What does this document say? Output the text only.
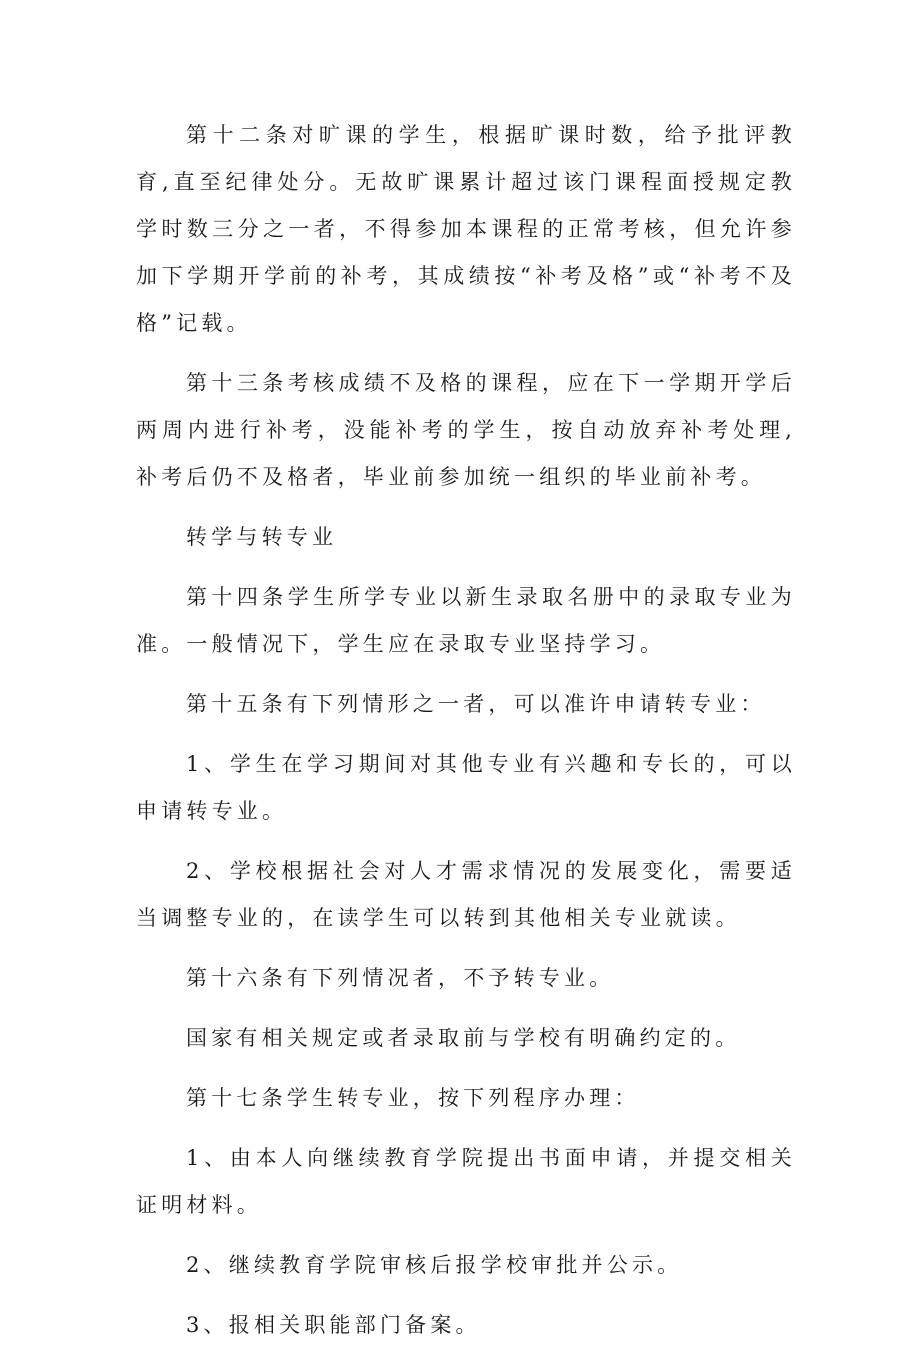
第十二条对旷课的学生，根据旷课时数，给予批评教育,直至纪律处分。无故旷课累计超过该门课程面授规定教学时数三分之一者，不得参加本课程的正常考核，但允许参加下学期开学前的补考，其成绩按“补考及格”或“补考不及格”记载。

第十三条考核成绩不及格的课程，应在下一学期开学后两周内进行补考，没能补考的学生，按自动放弃补考处理,补考后仍不及格者，毕业前参加统一组织的毕业前补考。

转学与转专业

第十四条学生所学专业以新生录取名册中的录取专业为准。一般情况下，学生应在录取专业坚持学习。

第十五条有下列情形之一者，可以准许申请转专业：

1、学生在学习期间对其他专业有兴趣和专长的，可以申请转专业。

2、学校根据社会对人才需求情况的发展变化，需要适当调整专业的，在读学生可以转到其他相关专业就读。

第十六条有下列情况者，不予转专业。

国家有相关规定或者录取前与学校有明确约定的。

第十七条学生转专业，按下列程序办理：

1、由本人向继续教育学院提出书面申请，并提交相关证明材料。

2、继续教育学院审核后报学校审批并公示。

3、报相关职能部门备案。
